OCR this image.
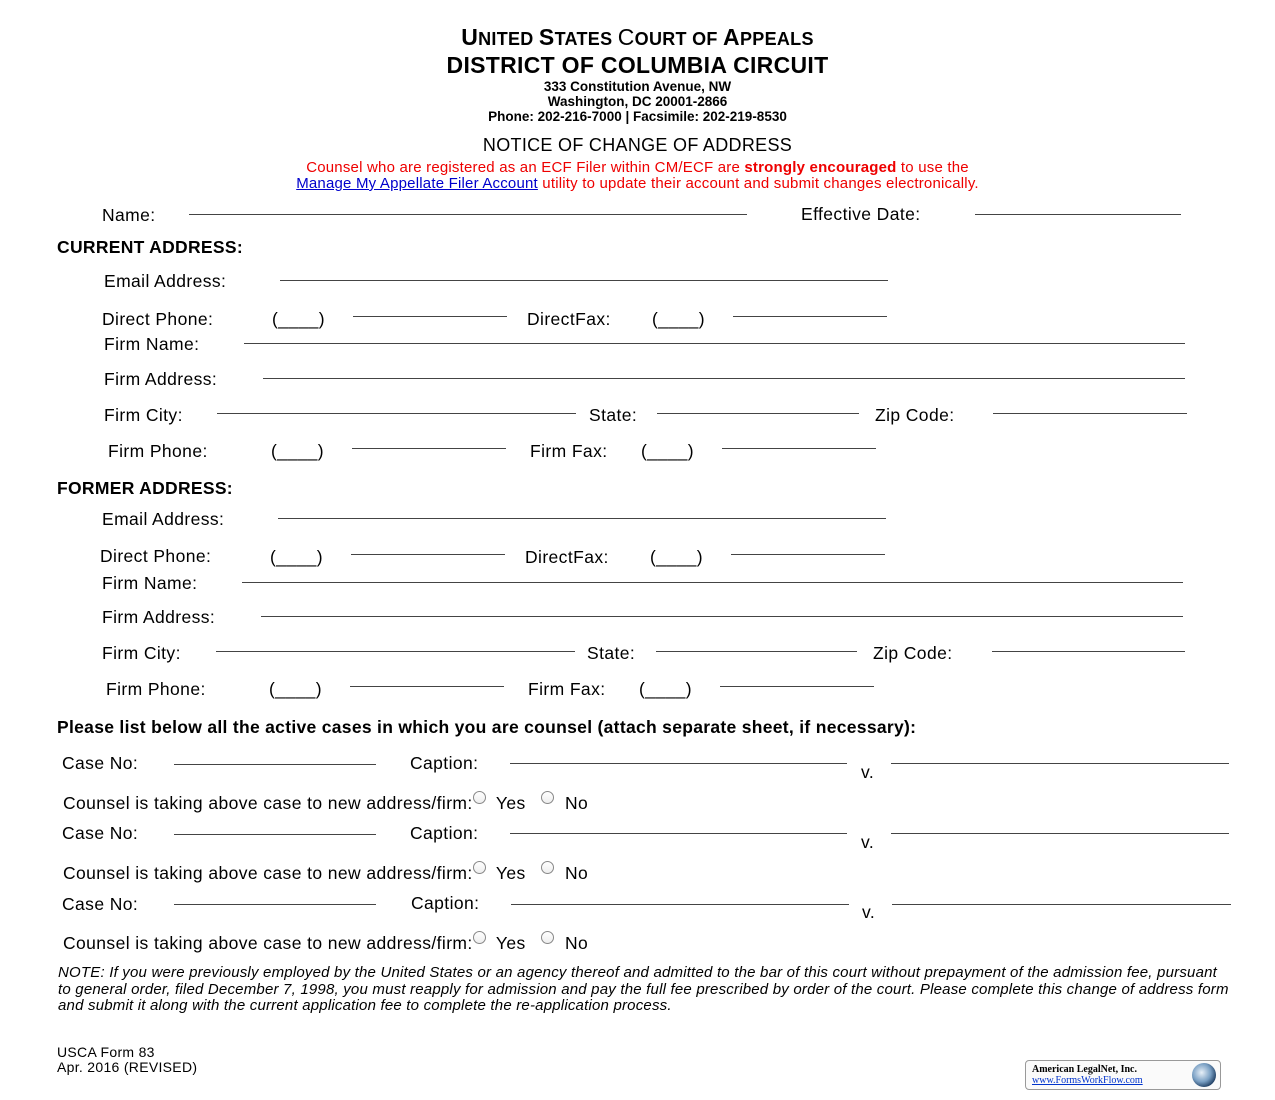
UNITED STATES COURT OF APPEALS
DISTRICT OF COLUMBIA CIRCUIT
333 Constitution Avenue, NW
Washington, DC 20001-2866
Phone: 202-216-7000 | Facsimile: 202-219-8530
NOTICE OF CHANGE OF ADDRESS
Counsel who are registered as an ECF Filer within CM/ECF are strongly encouraged to use the
Manage My Appellate Filer Account utility to update their account and submit changes electronically.
Name:	Effective Date:
CURRENT ADDRESS:
Email Address:
Direct Phone:	(____)	DirectFax: (____)
Firm Name:
Firm Address:
Firm City:	State:	Zip Code:
Firm Phone:	(____)	Firm Fax: (____)
FORMER ADDRESS:
Email Address:
Direct Phone:	(____)	DirectFax: (____)
Firm Name:
Firm Address:
Firm City:	State:	Zip Code:
Firm Phone:	(____)	Firm Fax: (____)
Please list below all the active cases in which you are counsel (attach separate sheet, if necessary):
Case No:	Caption:	v.
Counsel is taking above case to new address/firm: Yes No
Case No:	Caption:	v.
Counsel is taking above case to new address/firm: Yes No
Case No:	Caption:	v.
Counsel is taking above case to new address/firm: Yes No
NOTE: If you were previously employed by the United States or an agency thereof and admitted to the bar of this court without prepayment of the admission fee, pursuant to general order, filed December 7, 1998, you must reapply for admission and pay the full fee prescribed by order of the court. Please complete this change of address form and submit it along with the current application fee to complete the re-application process.
USCA Form 83
Apr. 2016 (REVISED)	American LegalNet, Inc.
www.FormsWorkFlow.com
